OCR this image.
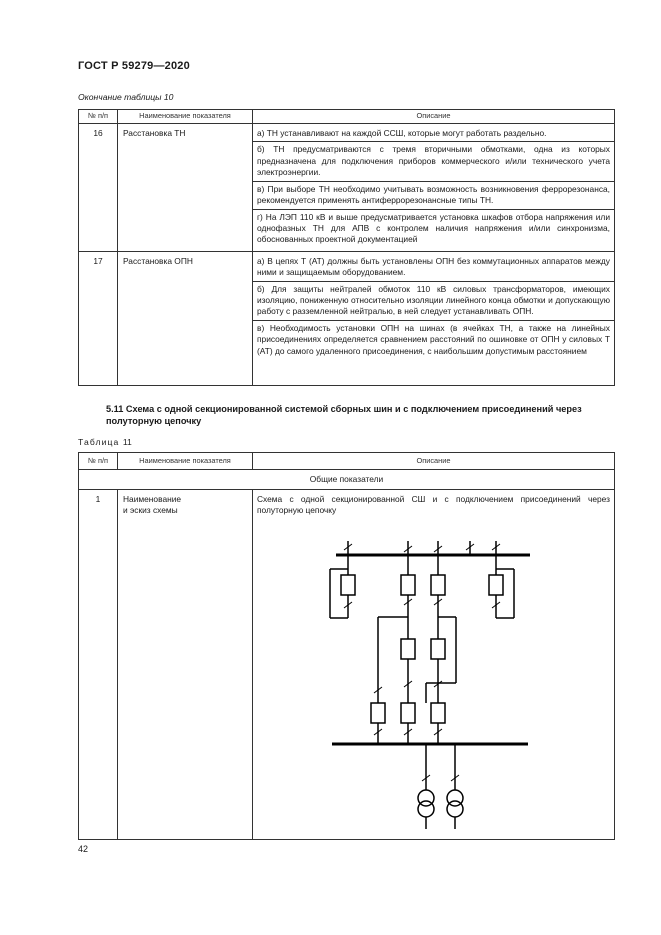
ГОСТ Р 59279—2020
Окончание таблицы 10
№ п/п	Наименование показателя	Описание
16	Расстановка ТН	а) ТН устанавливают на каждой ССШ, которые могут работать раздельно.
б) ТН предусматриваются с тремя вторичными обмотками, одна из которых предназначена для подключения приборов коммерческого и/или технического учета электроэнергии.
в) При выборе ТН необходимо учитывать возможность возникновения феррорезонанса, рекомендуется применять антиферрорезонансные типы ТН.
г) На ЛЭП 110 кВ и выше предусматривается установка шкафов отбора напряжения или однофазных ТН для АПВ с контролем наличия напряжения и/или синхронизма, обоснованных проектной документацией

17	Расстановка ОПН	а) В цепях Т (АТ) должны быть установлены ОПН без коммутационных аппаратов между ними и защищаемым оборудованием.
б) Для защиты нейтралей обмоток 110 кВ силовых трансформаторов, имеющих изоляцию, пониженную относительно изоляции линейного конца обмотки и допускающую работу с разземленной нейтралью, в ней следует устанавливать ОПН.
в) Необходимость установки ОПН на шинах (в ячейках ТН, а также на линейных присоединениях определяется сравнением расстояний по ошиновке от ОПН у силовых Т (АТ) до самого удаленного присоединения, с наибольшим допустимым расстоянием
5.11 Схема с одной секционированной системой сборных шин и с подключением присоединений через полуторную цепочку
Таблица 11
№ п/п	Наименование показателя	Описание
Общие показатели		
1	Наименование
и эскиз схемы	Схема с одной секционированной СШ и с подключением присоединений через полуторную цепочку
42
